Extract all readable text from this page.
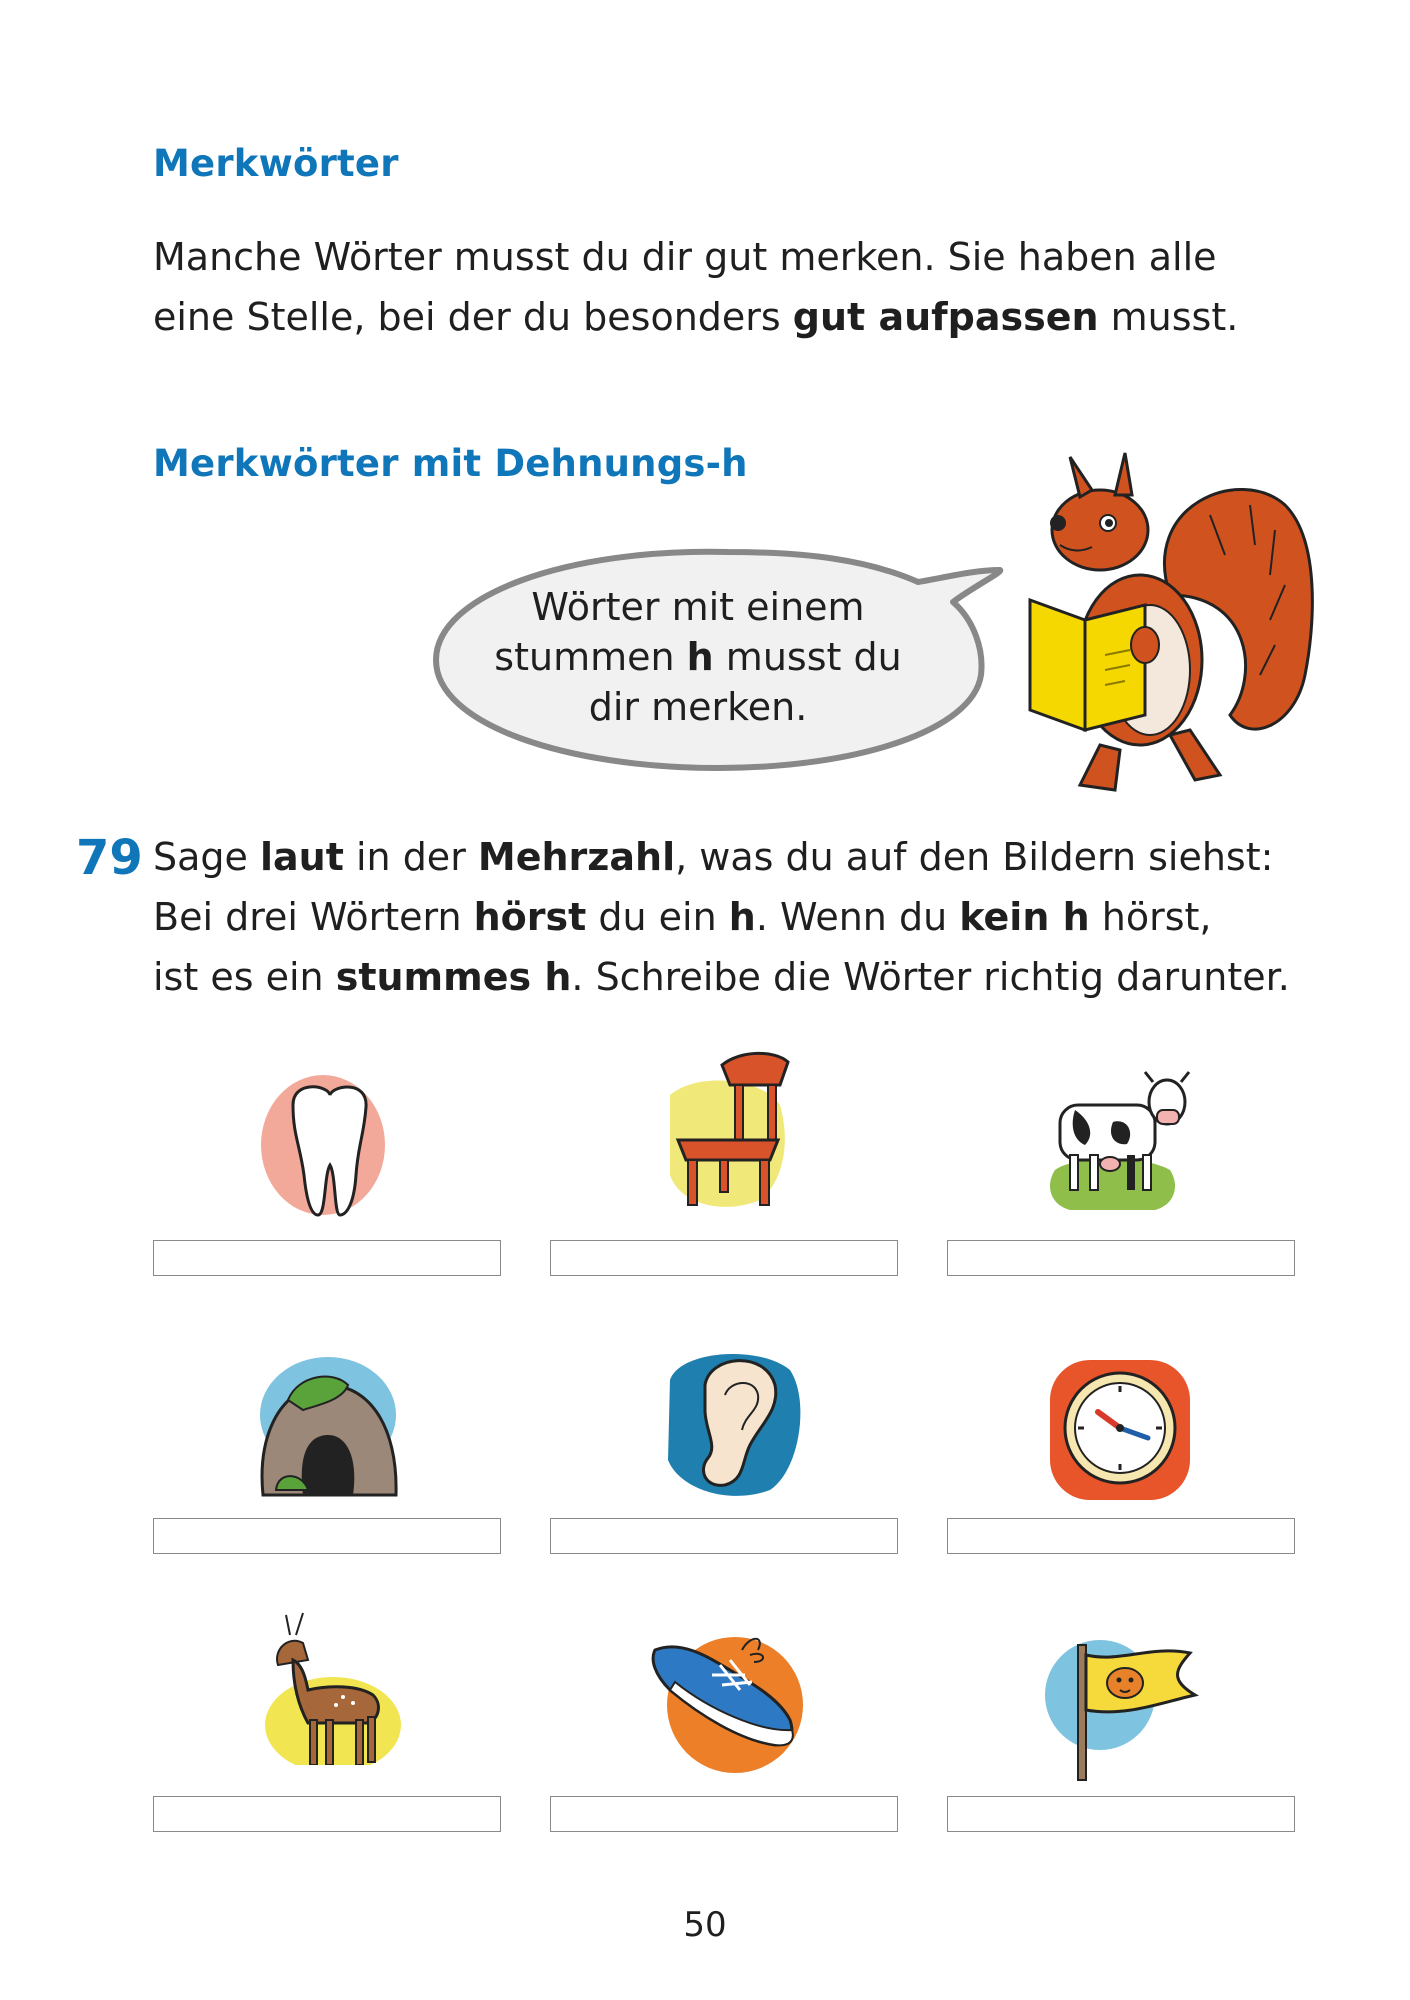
Merkwörter
Manche Wörter musst du dir gut merken. Sie haben alle
eine Stelle, bei der du besonders gut aufpassen musst.
Merkwörter mit Dehnungs-h
Wörter mit einem
stummen h musst du
dir merken.
79 Sage laut in der Mehrzahl, was du auf den Bildern siehst:
Bei drei Wörtern hörst du ein h. Wenn du kein h hörst,
ist es ein stummes h. Schreibe die Wörter richtig darunter.
50
